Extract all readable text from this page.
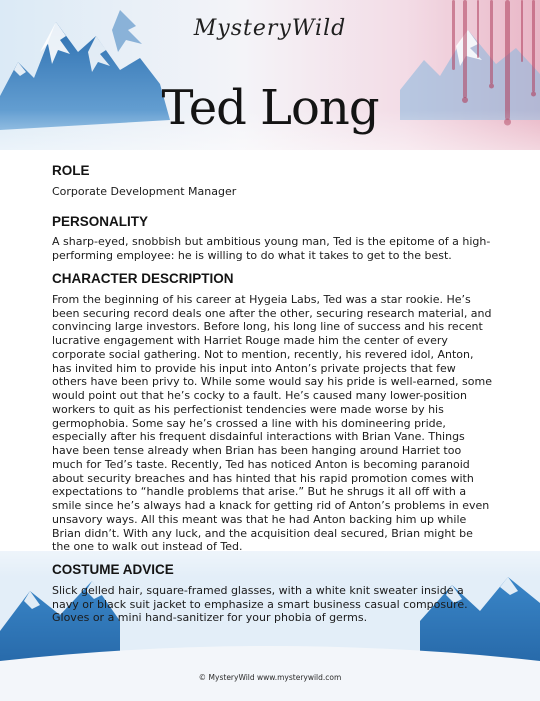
MysteryWild
Ted Long
ROLE

Corporate Development Manager

PERSONALITY

A sharp-eyed, snobbish but ambitious young man, Ted is the epitome of a high-performing employee: he is willing to do what it takes to get to the best.

CHARACTER DESCRIPTION

From the beginning of his career at Hygeia Labs, Ted was a star rookie. He’s been securing record deals one after the other, securing research material, and convincing large investors. Before long, his long line of success and his recent lucrative engagement with Harriet Rouge made him the center of every corporate social gathering. Not to mention, recently, his revered idol, Anton, has invited him to provide his input into Anton’s private projects that few others have been privy to. While some would say his pride is well-earned, some would point out that he’s cocky to a fault. He’s caused many lower-position workers to quit as his perfectionist tendencies were made worse by his germophobia. Some say he’s crossed a line with his domineering pride, especially after his frequent disdainful interactions with Brian Vane. Things have been tense already when Brian has been hanging around Harriet too much for Ted’s taste. Recently, Ted has noticed Anton is becoming paranoid about security breaches and has hinted that his rapid promotion comes with expectations to “handle problems that arise.” But he shrugs it all off with a smile since he’s always had a knack for getting rid of Anton’s problems in even unsavory ways. All this meant was that he had Anton backing him up while Brian didn’t. With any luck, and the acquisition deal secured, Brian might be the one to walk out instead of Ted.

COSTUME ADVICE

Slick gelled hair, square-framed glasses, with a white knit sweater inside a navy or black suit jacket to emphasize a smart business casual composure. Gloves or a mini hand-sanitizer for your phobia of germs.

© MysteryWild www.mysterywild.com
